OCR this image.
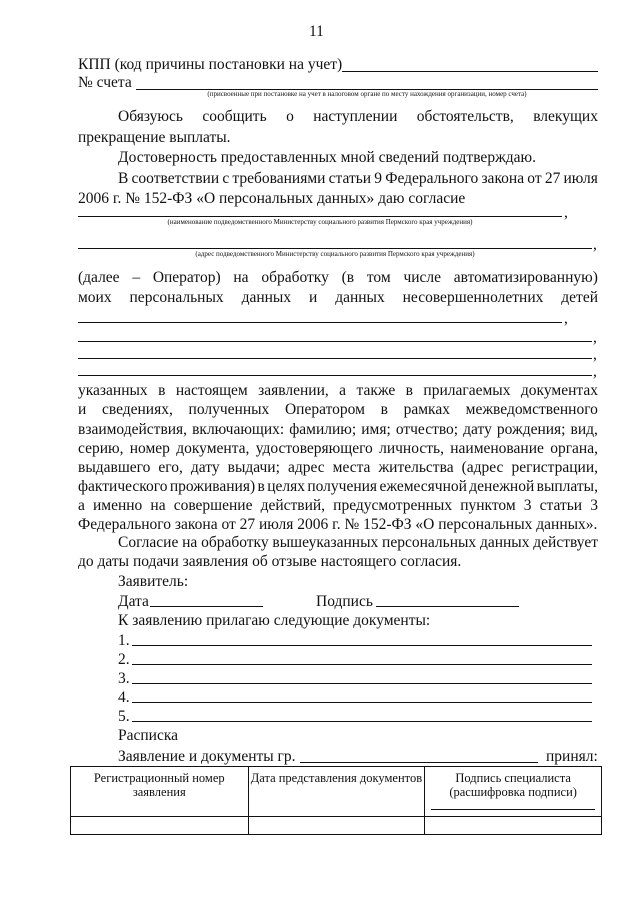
11
КПП (код причины постановки на учет)
№ счета
(присвоенные при постановке на учет в налоговом органе по месту нахождения организации, номер счета)
Обязуюсь сообщить о наступлении обстоятельств, влекущих
прекращение выплаты.
Достоверность предоставленных мной сведений подтверждаю.
В соответствии с требованиями статьи 9 Федерального закона от 27 июля
2006 г. № 152-ФЗ «О персональных данных» даю согласие
,
(наименование подведомственного Министерству социального развития Пермского края учреждения)
,
(адрес подведомственного Министерству социального развития Пермского края учреждения)
(далее – Оператор) на обработку (в том числе автоматизированную)
моих персональных данных и данных несовершеннолетних детей
,
,
,
,
указанных в настоящем заявлении, а также в прилагаемых документах
и сведениях, полученных Оператором в рамках межведомственного
взаимодействия, включающих: фамилию; имя; отчество; дату рождения; вид,
серию, номер документа, удостоверяющего личность, наименование органа,
выдавшего его, дату выдачи; адрес места жительства (адрес регистрации,
фактического проживания) в целях получения ежемесячной денежной выплаты,
а именно на совершение действий, предусмотренных пунктом 3 статьи 3
Федерального закона от 27 июля 2006 г. № 152-ФЗ «О персональных данных».
Согласие на обработку вышеуказанных персональных данных действует
до даты подачи заявления об отзыве настоящего согласия.
Заявитель:
Дата	Подпись
К заявлению прилагаю следующие документы:
1.
2.
3.
4.
5.
Расписка
Заявление и документы гр.	принял:
Регистрационный номер заявления	Дата представления документов	Подпись специалиста (расшифровка подписи)
